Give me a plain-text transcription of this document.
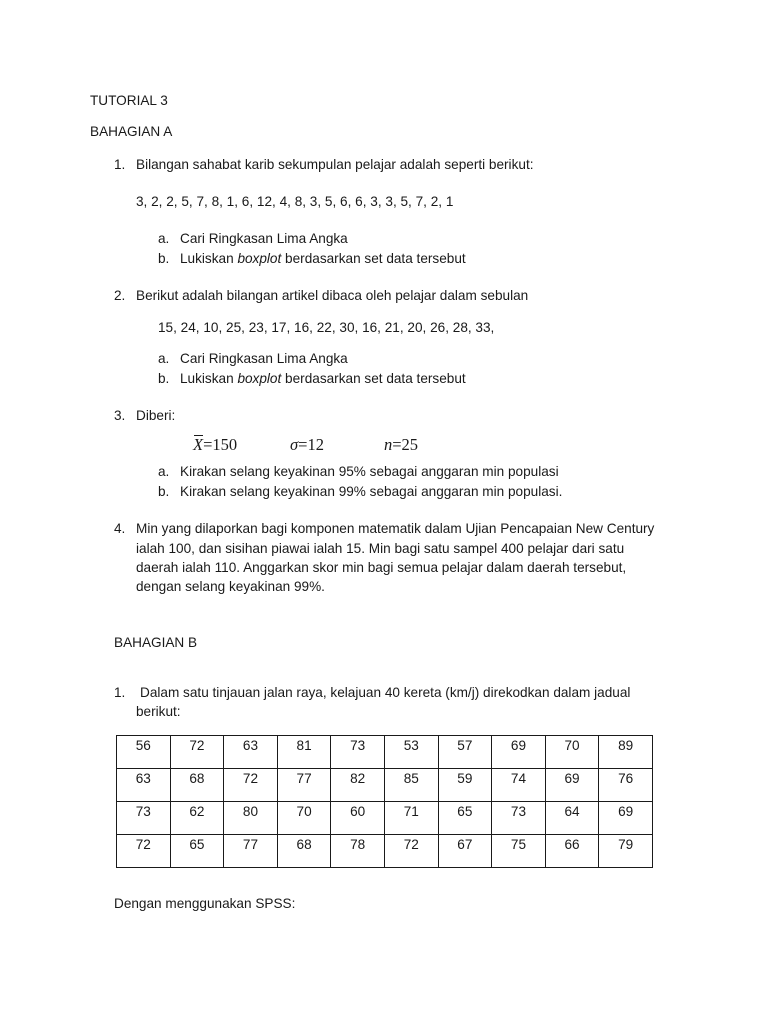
TUTORIAL 3
BAHAGIAN A
1. Bilangan sahabat karib sekumpulan pelajar adalah seperti berikut:
3, 2, 2, 5, 7, 8, 1, 6, 12, 4, 8, 3, 5, 6, 6, 3, 3, 5, 7, 2, 1
a. Cari Ringkasan Lima Angka
b. Lukiskan boxplot berdasarkan set data tersebut
2. Berikut adalah bilangan artikel dibaca oleh pelajar dalam sebulan
15, 24, 10, 25, 23, 17, 16, 22, 30, 16, 21, 20, 26, 28, 33,
a. Cari Ringkasan Lima Angka
b. Lukiskan boxplot berdasarkan set data tersebut
3. Diberi:
X=150	σ=12	n=25
a. Kirakan selang keyakinan 95% sebagai anggaran min populasi
b. Kirakan selang keyakinan 99% sebagai anggaran min populasi.
4. Min yang dilaporkan bagi komponen matematik dalam Ujian Pencapaian New Century
ialah 100, dan sisihan piawai ialah 15. Min bagi satu sampel 400 pelajar dari satu
daerah ialah 110. Anggarkan skor min bagi semua pelajar dalam daerah tersebut,
dengan selang keyakinan 99%.
BAHAGIAN B
1. Dalam satu tinjauan jalan raya, kelajuan 40 kereta (km/j) direkodkan dalam jadual
berikut:
56	72	63	81	73	53	57	69	70	89
63	68	72	77	82	85	59	74	69	76
73	62	80	70	60	71	65	73	64	69
72	65	77	68	78	72	67	75	66	79
Dengan menggunakan SPSS:
